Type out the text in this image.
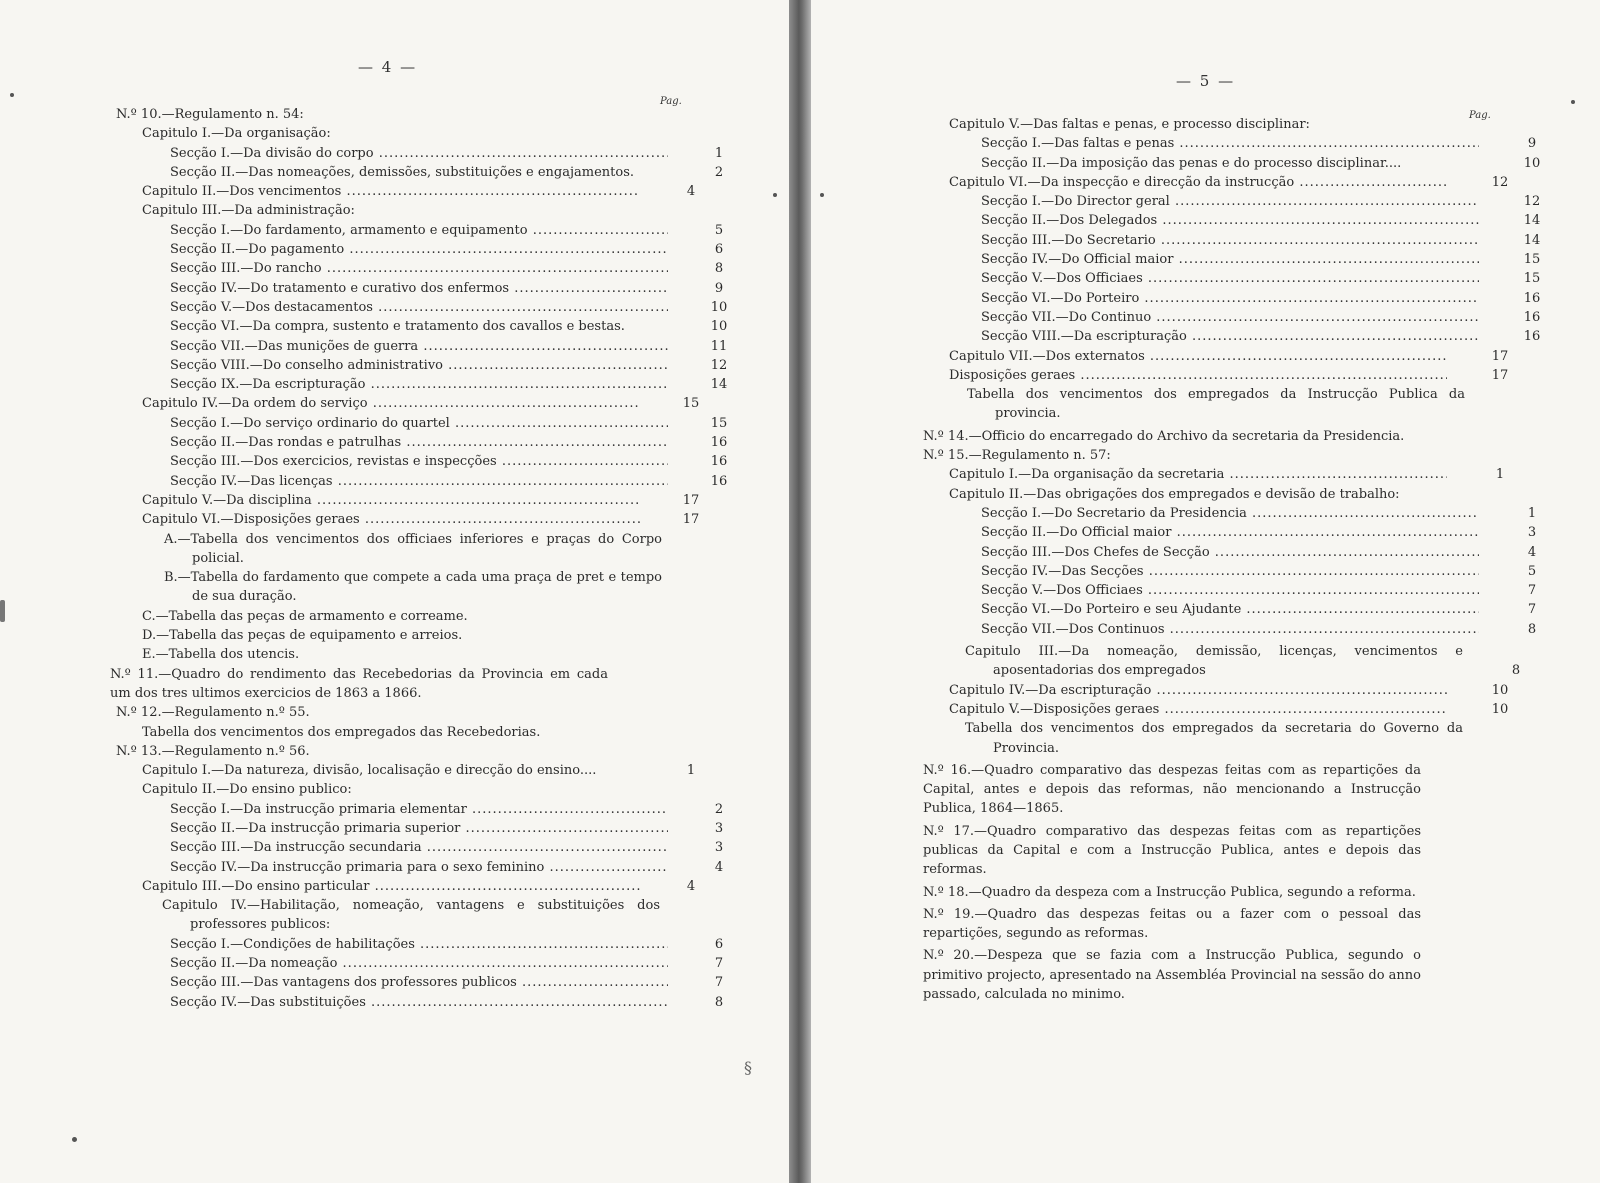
— 4 —
Pag.
N.º 10.—Regulamento n. 54:
Capitulo I.—Da organisação:
Secção I.—Da divisão do corpo .....	1
Secção II.—Das nomeações, demissões, substituições e engajamentos.	2
Capitulo II.—Dos vencimentos .....	4
Capitulo III.—Da administração:
Secção I.—Do fardamento, armamento e equipamento .....	5
Secção II.—Do pagamento .....	6
Secção III.—Do rancho .....	8
Secção IV.—Do tratamento e curativo dos enfermos .....	9
Secção V.—Dos destacamentos .....	10
Secção VI.—Da compra, sustento e tratamento dos cavallos e bestas.	10
Secção VII.—Das munições de guerra .....	11
Secção VIII.—Do conselho administrativo .....	12
Secção IX.—Da escripturação .....	14
Capitulo IV.—Da ordem do serviço .....	15
Secção I.—Do serviço ordinario do quartel .....	15
Secção II.—Das rondas e patrulhas .....	16
Secção III.—Dos exercicios, revistas e inspecções .....	16
Secção IV.—Das licenças .....	16
Capitulo V.—Da disciplina .....	17
Capitulo VI.—Disposições geraes .....	17
A.—Tabella dos vencimentos dos officiaes inferiores e praças do Corpo policial.
B.—Tabella do fardamento que compete a cada uma praça de pret e tempo de sua duração.
C.—Tabella das peças de armamento e correame.
D.—Tabella das peças de equipamento e arreios.
E.—Tabella dos utencis.
N.º 11.—Quadro do rendimento das Recebedorias da Provincia em cada um dos tres ultimos exercicios de 1863 a 1866.
N.º 12.—Regulamento n.º 55.
Tabella dos vencimentos dos empregados das Recebedorias.
N.º 13.—Regulamento n.º 56.
Capitulo I.—Da natureza, divisão, localisação e direcção do ensino....	1
Capitulo II.—Do ensino publico:
Secção I.—Da instrucção primaria elementar .....	2
Secção II.—Da instrucção primaria superior .....	3
Secção III.—Da instrucção secundaria .....	3
Secção IV.—Da instrucção primaria para o sexo feminino .....	4
Capitulo III.—Do ensino particular .....	4
Capitulo IV.—Habilitação, nomeação, vantagens e substituições dos professores publicos:
Secção I.—Condições de habilitações .....	6
Secção II.—Da nomeação .....	7
Secção III.—Das vantagens dos professores publicos .....	7
Secção IV.—Das substituições .....	8
— 5 —
Pag.
Capitulo V.—Das faltas e penas, e processo disciplinar:
Secção I.—Das faltas e penas .....	9
Secção II.—Da imposição das penas e do processo disciplinar....	10
Capitulo VI.—Da inspecção e direcção da instrucção .....	12
Secção I.—Do Director geral .....	12
Secção II.—Dos Delegados .....	14
Secção III.—Do Secretario .....	14
Secção IV.—Do Official maior .....	15
Secção V.—Dos Officiaes .....	15
Secção VI.—Do Porteiro .....	16
Secção VII.—Do Continuo .....	16
Secção VIII.—Da escripturação .....	16
Capitulo VII.—Dos externatos .....	17
Disposições geraes .....	17
Tabella dos vencimentos dos empregados da Instrucção Publica da provincia.
N.º 14.—Officio do encarregado do Archivo da secretaria da Presidencia.
N.º 15.—Regulamento n. 57:
Capitulo I.—Da organisação da secretaria .....	1
Capitulo II.—Das obrigações dos empregados e devisão de trabalho:
Secção I.—Do Secretario da Presidencia .....	1
Secção II.—Do Official maior .....	3
Secção III.—Dos Chefes de Secção .....	4
Secção IV.—Das Secções .....	5
Secção V.—Dos Officiaes .....	7
Secção VI.—Do Porteiro e seu Ajudante .....	7
Secção VII.—Dos Continuos .....	8
Capitulo III.—Da nomeação, demissão, licenças, vencimentos e aposentadorias dos empregados	8
Capitulo IV.—Da escripturação .....	10
Capitulo V.—Disposições geraes .....	10
Tabella dos vencimentos dos empregados da secretaria do Governo da Provincia.
N.º 16.—Quadro comparativo das despezas feitas com as repartições da Capital, antes e depois das reformas, não mencionando a Instrucção Publica, 1864—1865.
N.º 17.—Quadro comparativo das despezas feitas com as repartições publicas da Capital e com a Instrucção Publica, antes e depois das reformas.
N.º 18.—Quadro da despeza com a Instrucção Publica, segundo a reforma.
N.º 19.—Quadro das despezas feitas ou a fazer com o pessoal das repartições, segundo as reformas.
N.º 20.—Despeza que se fazia com a Instrucção Publica, segundo o primitivo projecto, apresentado na Assembléa Provincial na sessão do anno passado, calculada no minimo.
§
